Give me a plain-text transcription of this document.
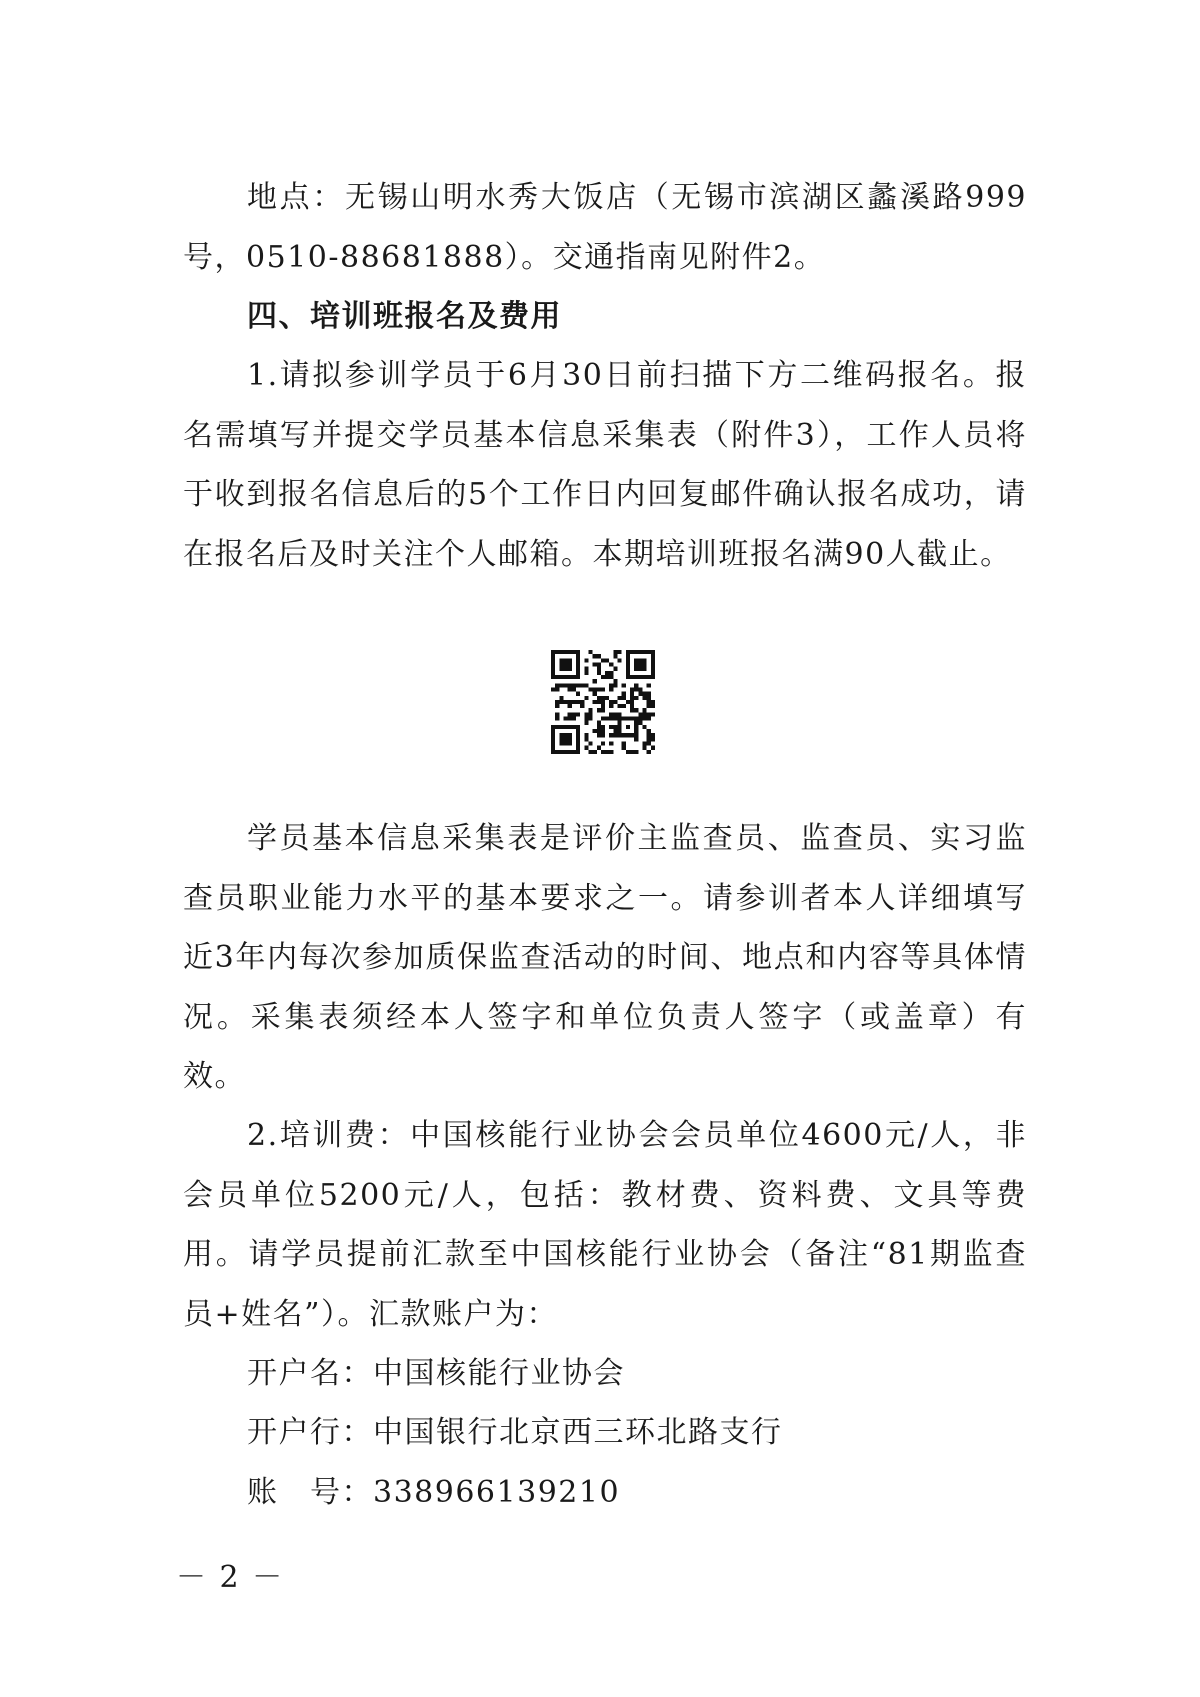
地点：无锡山明水秀大饭店（无锡市滨湖区蠡溪路999号，0510-88681888）。交通指南见附件2。

四、培训班报名及费用

1.请拟参训学员于6月30日前扫描下方二维码报名。报名需填写并提交学员基本信息采集表（附件3），工作人员将于收到报名信息后的5个工作日内回复邮件确认报名成功，请在报名后及时关注个人邮箱。本期培训班报名满90人截止。

学员基本信息采集表是评价主监查员、监查员、实习监查员职业能力水平的基本要求之一。请参训者本人详细填写近3年内每次参加质保监查活动的时间、地点和内容等具体情况。采集表须经本人签字和单位负责人签字（或盖章）有效。

2.培训费：中国核能行业协会会员单位4600元/人，非会员单位5200元/人，包括：教材费、资料费、文具等费用。请学员提前汇款至中国核能行业协会（备注“81期监查员+姓名”）。汇款账户为：

开户名：中国核能行业协会

开户行：中国银行北京西三环北路支行

账　号：338966139210

－ 2 －
